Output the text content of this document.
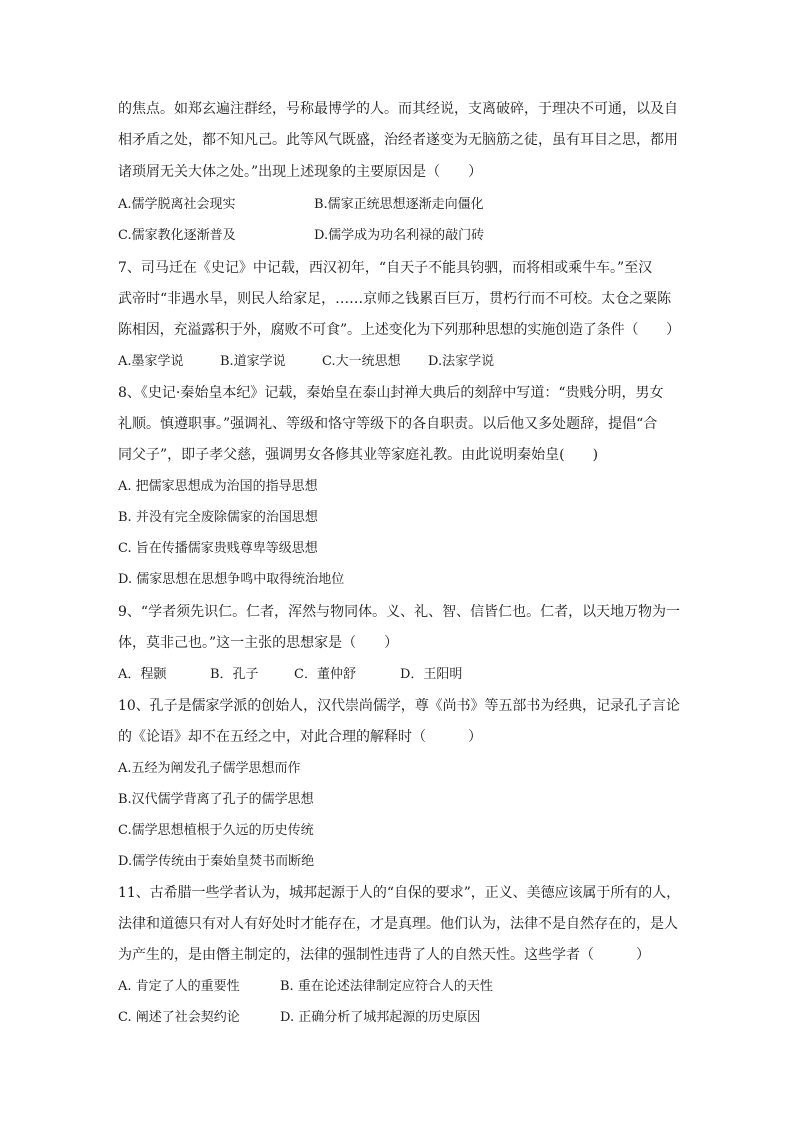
的焦点。如郑玄遍注群经，号称最博学的人。而其经说，支离破碎，于理决不可通，以及自
相矛盾之处，都不知凡己。此等风气既盛，治经者遂变为无脑筋之徒，虽有耳目之思，都用
诸琐屑无关大体之处。”出现上述现象的主要原因是（　　）
A.儒学脱离社会现实	B.儒家正统思想逐渐走向僵化
C.儒家教化逐渐普及	D.儒学成为功名利禄的敲门砖
7、司马迁在《史记》中记载，西汉初年，“自天子不能具钧驷，而将相或乘牛车。”至汉
武帝时“非遇水旱，则民人给家足，……京师之钱累百巨万，贯朽行而不可校。太仓之粟陈
陈相因，充溢露积于外，腐败不可食”。上述变化为下列那种思想的实施创造了条件（　　）
A.墨家学说	B.道家学说	C.大一统思想 D.法家学说
8、《史记·秦始皇本纪》记载，秦始皇在泰山封禅大典后的刻辞中写道：“贵贱分明，男女
礼顺。慎遵职事。”强调礼、等级和恪守等级下的各自职责。以后他又多处题辞，提倡“合
同父子”，即子孝父慈，强调男女各修其业等家庭礼教。由此说明秦始皇(　　)
A. 把儒家思想成为治国的指导思想
B. 并没有完全废除儒家的治国思想
C. 旨在传播儒家贵贱尊卑等级思想
D. 儒家思想在思想争鸣中取得统治地位
9、“学者须先识仁。仁者，浑然与物同体。义、礼、智、信皆仁也。仁者，以天地万物为一
体，莫非己也。”这一主张的思想家是（　　）
A．程颢	B．孔子	C．董仲舒	D．王阳明
10、孔子是儒家学派的创始人，汉代崇尚儒学，尊《尚书》等五部书为经典，记录孔子言论
的《论语》却不在五经之中，对此合理的解释时（　　　）
A.五经为阐发孔子儒学思想而作
B.汉代儒学背离了孔子的儒学思想
C.儒学思想植根于久远的历史传统
D.儒学传统由于秦始皇焚书而断绝
11、古希腊一些学者认为，城邦起源于人的“自保的要求”，正义、美德应该属于所有的人，
法律和道德只有对人有好处时才能存在，才是真理。他们认为，法律不是自然存在的，是人
为产生的，是由僭主制定的，法律的强制性违背了人的自然天性。这些学者（　　　）
A. 肯定了人的重要性	B. 重在论述法律制定应符合人的天性
C. 阐述了社会契约论	D. 正确分析了城邦起源的历史原因
